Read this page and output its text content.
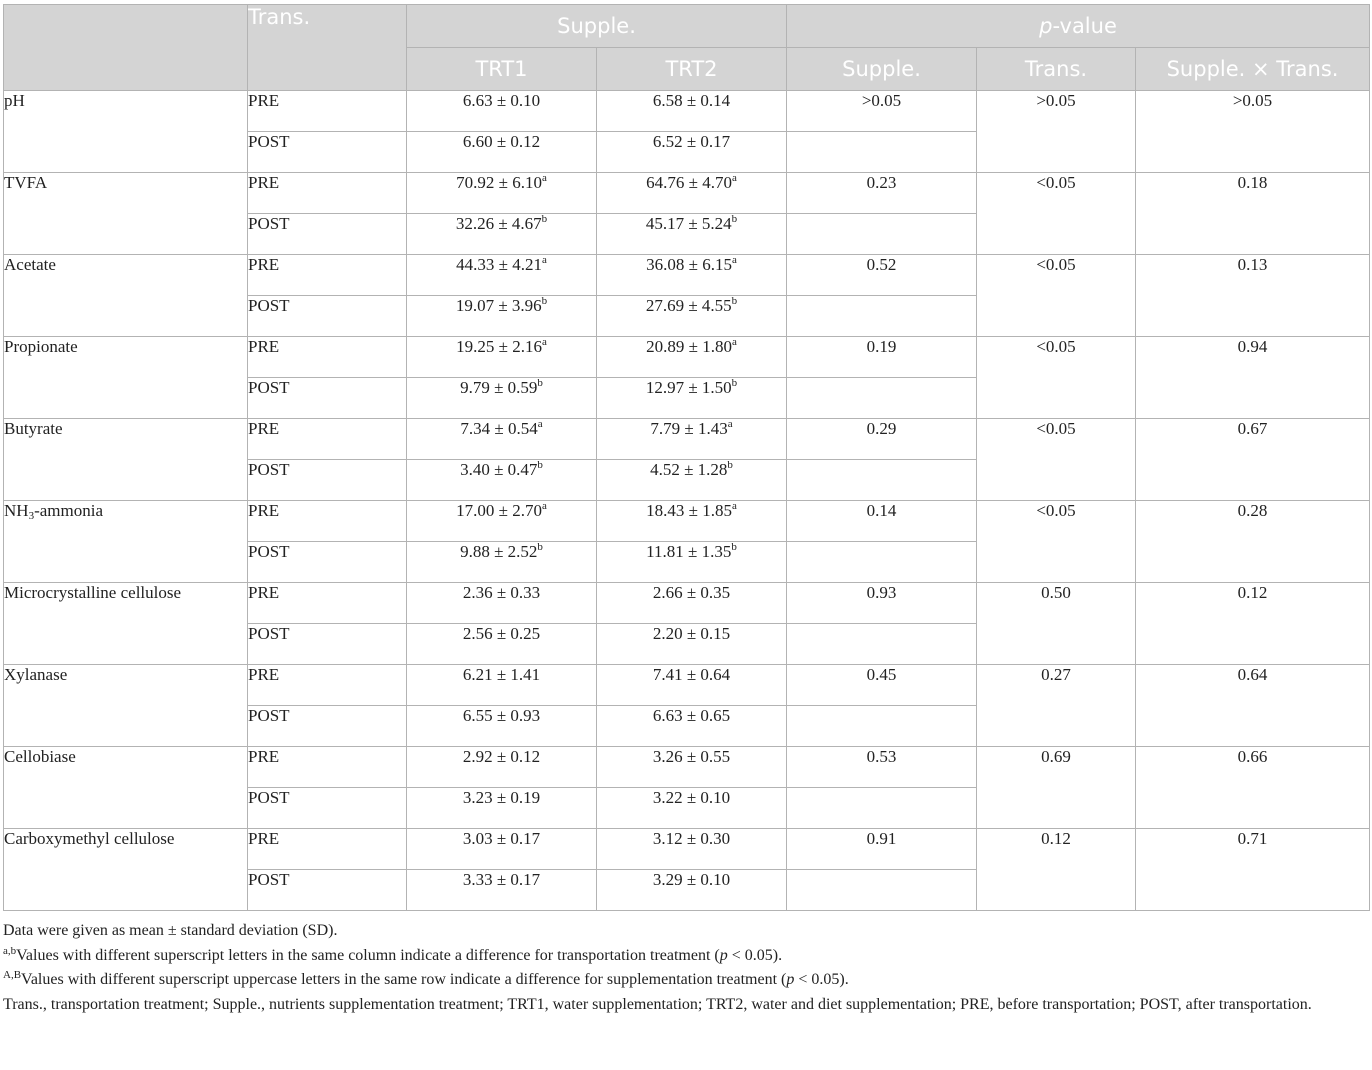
	Trans.	Supple.		p-value		
		TRT1	TRT2	Supple.	Trans.	Supple. × Trans.
pH	PRE	6.63 ± 0.10	6.58 ± 0.14	>0.05	>0.05	>0.05
	POST	6.60 ± 0.12	6.52 ± 0.17			
TVFA	PRE	70.92 ± 6.10$^a$	64.76 ± 4.70$^a$	0.23	<0.05	0.18
	POST	32.26 ± 4.67$^b$	45.17 ± 5.24$^b$	
Acetate	PRE	44.33 ± 4.21$^a$	36.08 ± 6.15$^a$	0.52	<0.05	0.13
	POST	19.07 ± 3.96$^b$	27.69 ± 4.55$^b$	
Propionate	PRE	19.25 ± 2.16$^a$	20.89 ± 1.80$^a$	0.19	<0.05	0.94
	POST	9.79 ± 0.59$^b$	12.97 ± 1.50$^b$	
Butyrate	PRE	7.34 ± 0.54$^a$	7.79 ± 1.43$^a$	0.29	<0.05	0.67
	POST	3.40 ± 0.47$^b$	4.52 ± 1.28$^b$	
$NH_3$-ammonia	PRE	17.00 ± 2.70$^a$	18.43 ± 1.85$^a$	0.14	<0.05	0.28
	POST	9.88 ± 2.52$^b$	11.81 ± 1.35$^b$	
Microcrystalline cellulose	PRE	2.36 ± 0.33	2.66 ± 0.35	0.93	0.50	0.12
	POST	2.56 ± 0.25	2.20 ± 0.15			
Xylanase	PRE	6.21 ± 1.41	7.41 ± 0.64	0.45	0.27	0.64
	POST	6.55 ± 0.93	6.63 ± 0.65			
Cellobiase	PRE	2.92 ± 0.12	3.26 ± 0.55	0.53	0.69	0.66
	POST	3.23 ± 0.19	3.22 ± 0.10			
Carboxymethyl cellulose	PRE	3.03 ± 0.17	3.12 ± 0.30	0.91	0.12	0.71
	POST	3.33 ± 0.17	3.29 ± 0.10			
Data were given as mean ± standard deviation (SD).
$^{a,b}$Values with different superscript letters in the same column indicate a difference for transportation treatment (p < 0.05).
$^{A,B}$Values with different superscript uppercase letters in the same row indicate a difference for supplementation treatment (p < 0.05).
Trans., transportation treatment; Supple., nutrients supplementation treatment; TRT1, water supplementation; TRT2, water and diet supplementation; PRE, before transportation; POST, after transportation.
